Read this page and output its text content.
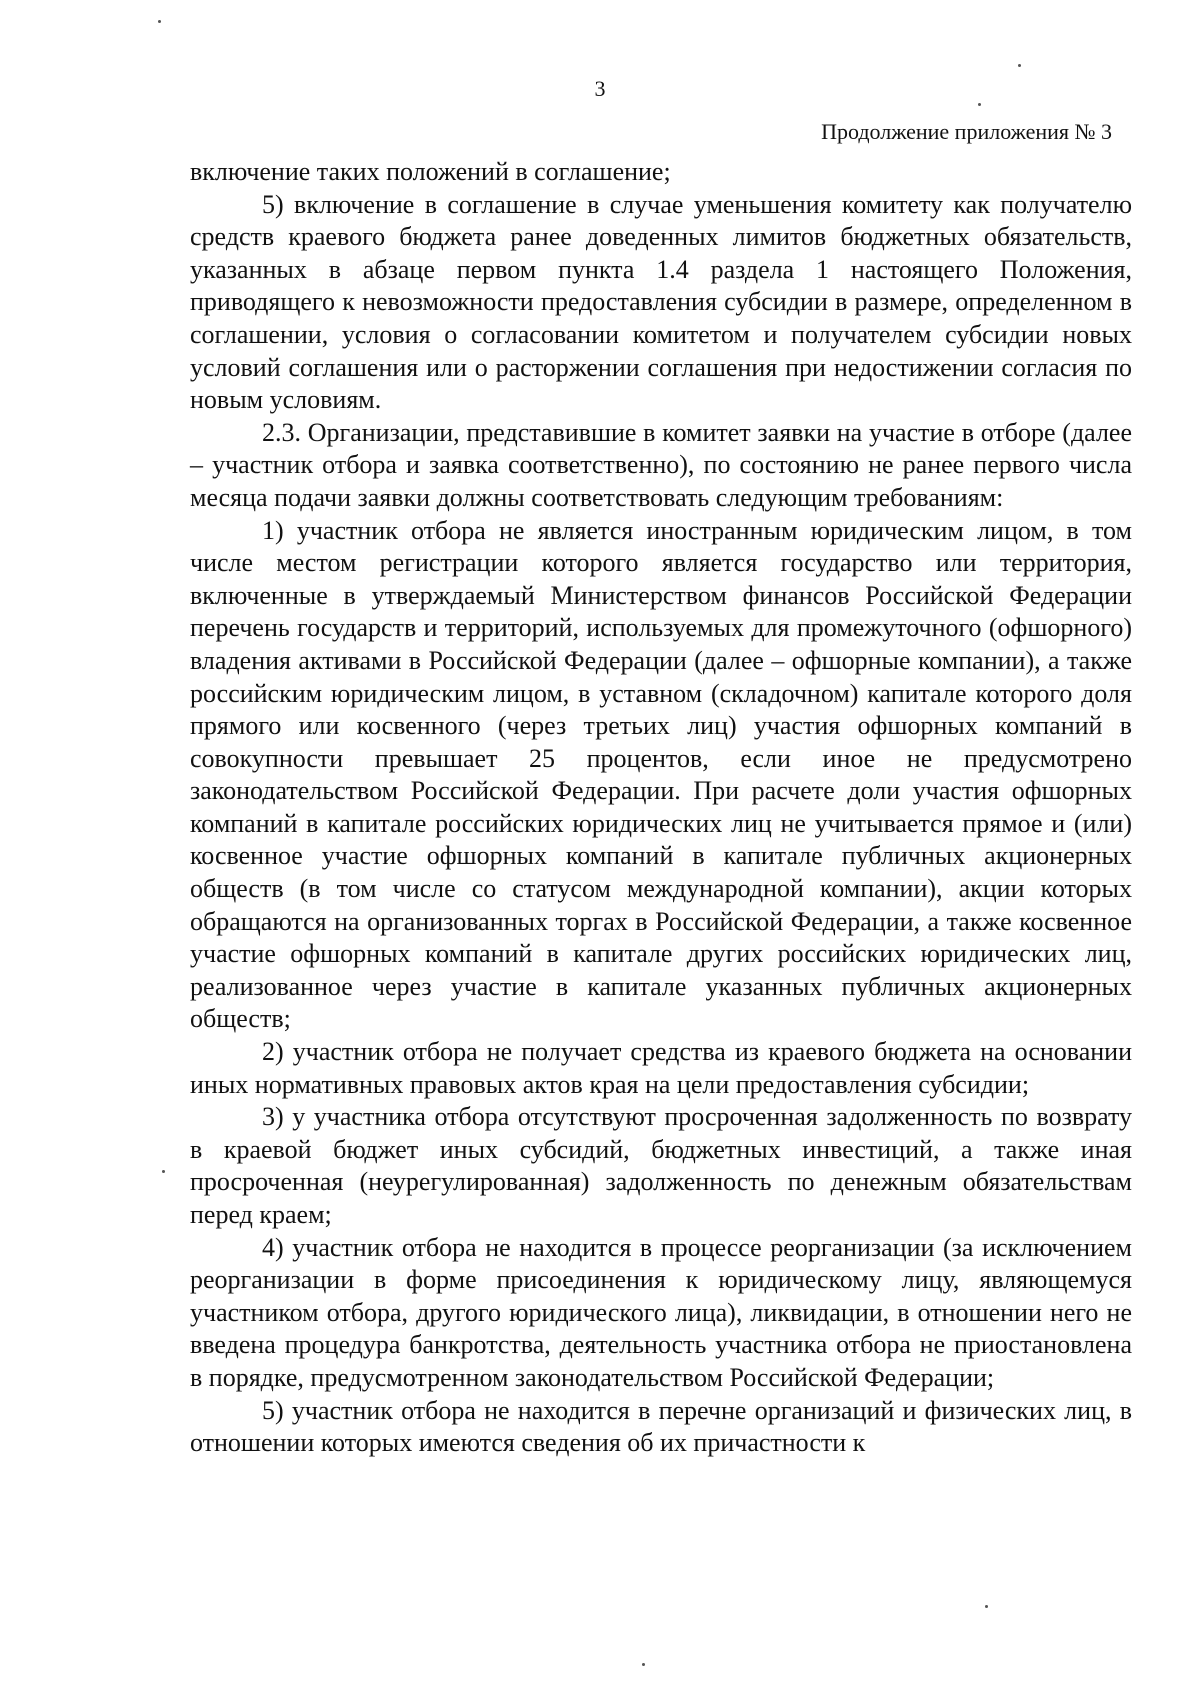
3
Продолжение приложения № 3

включение таких положений в соглашение;

5) включение в соглашение в случае уменьшения комитету как получателю средств краевого бюджета ранее доведенных лимитов бюджетных обязательств, указанных в абзаце первом пункта 1.4 раздела 1 настоящего Положения, приводящего к невозможности предоставления субсидии в размере, определенном в соглашении, условия о согласовании комитетом и получателем субсидии новых условий соглашения или о расторжении соглашения при недостижении согласия по новым условиям.

2.3. Организации, представившие в комитет заявки на участие в отборе (далее – участник отбора и заявка соответственно), по состоянию не ранее первого числа месяца подачи заявки должны соответствовать следующим требованиям:

1) участник отбора не является иностранным юридическим лицом, в том числе местом регистрации которого является государство или территория, включенные в утверждаемый Министерством финансов Российской Федерации перечень государств и территорий, используемых для промежуточного (офшорного) владения активами в Российской Федерации (далее – офшорные компании), а также российским юридическим лицом, в уставном (складочном) капитале которого доля прямого или косвенного (через третьих лиц) участия офшорных компаний в совокупности превышает 25 процентов, если иное не предусмотрено законодательством Российской Федерации. При расчете доли участия офшорных компаний в капитале российских юридических лиц не учитывается прямое и (или) косвенное участие офшорных компаний в капитале публичных акционерных обществ (в том числе со статусом международной компании), акции которых обращаются на организованных торгах в Российской Федерации, а также косвенное участие офшорных компаний в капитале других российских юридических лиц, реализованное через участие в капитале указанных публичных акционерных обществ;

2) участник отбора не получает средства из краевого бюджета на основании иных нормативных правовых актов края на цели предоставления субсидии;

3) у участника отбора отсутствуют просроченная задолженность по возврату в краевой бюджет иных субсидий, бюджетных инвестиций, а также иная просроченная (неурегулированная) задолженность по денежным обязательствам перед краем;

4) участник отбора не находится в процессе реорганизации (за исключением реорганизации в форме присоединения к юридическому лицу, являющемуся участником отбора, другого юридического лица), ликвидации, в отношении него не введена процедура банкротства, деятельность участника отбора не приостановлена в порядке, предусмотренном законодательством Российской Федерации;

5) участник отбора не находится в перечне организаций и физических лиц, в отношении которых имеются сведения об их причастности к
